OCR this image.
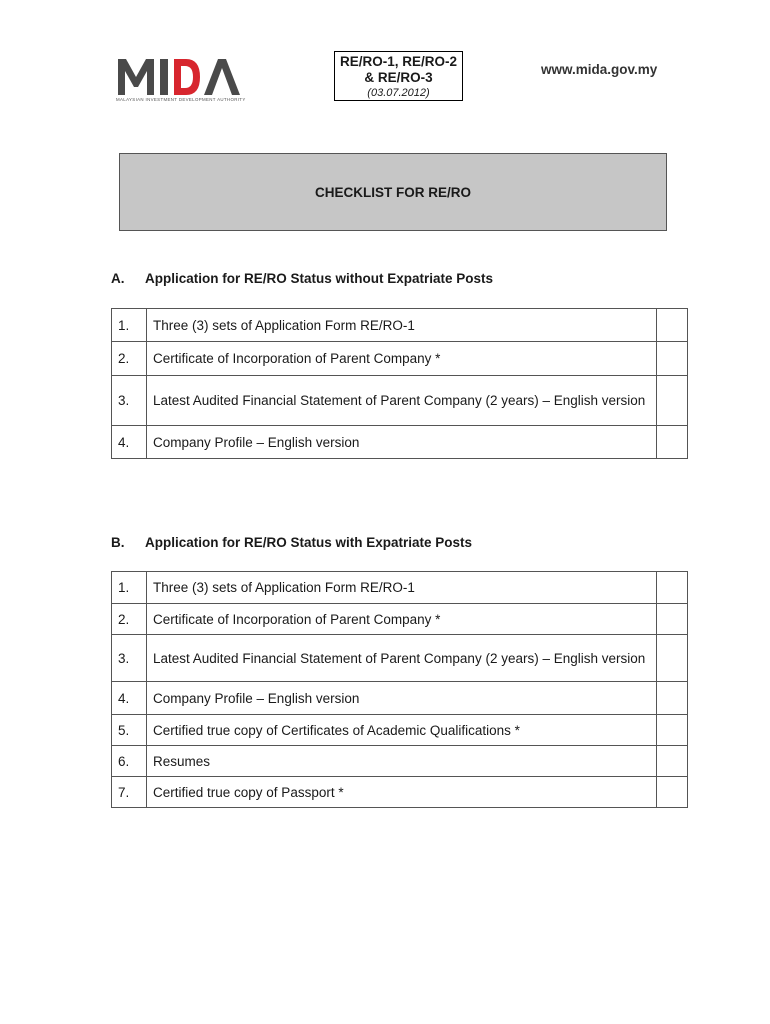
MALAYSIAN INVESTMENT DEVELOPMENT AUTHORITY
RE/RO-1, RE/RO-2
& RE/RO-3
(03.07.2012)
www.mida.gov.my
CHECKLIST FOR RE/RO
A. Application for RE/RO Status without Expatriate Posts
1.	Three (3) sets of Application Form RE/RO-1	
2.	Certificate of Incorporation of Parent Company *	
3.	Latest Audited Financial Statement of Parent Company (2 years) – English version	
4.	Company Profile – English version	
B. Application for RE/RO Status with Expatriate Posts
1.	Three (3) sets of Application Form RE/RO-1	
2.	Certificate of Incorporation of Parent Company *	
3.	Latest Audited Financial Statement of Parent Company (2 years) – English version	
4.	Company Profile – English version	
5.	Certified true copy of Certificates of Academic Qualifications *	
6.	Resumes	
7.	Certified true copy of Passport *	
